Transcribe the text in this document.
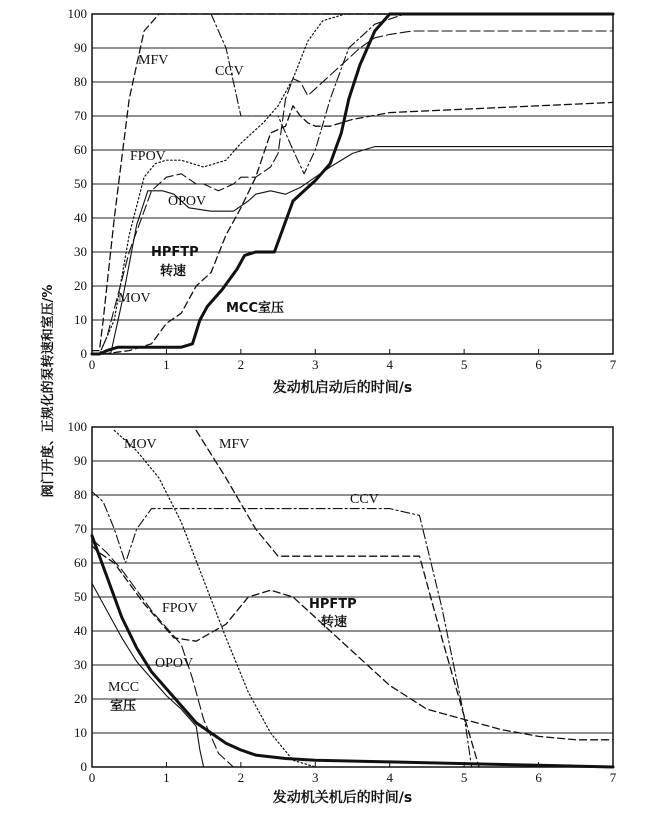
阀门开度、正规化的泵转速和室压/% 0
10
20
30
40
50
60
70
80
90
100
0	1	2	3	4	5	6	7
MFV
CCV
FPOV
OPOV
HPFTP
转速
MOV
MCC室压
发动机启动后的时间/s
0
10
20
30
40
50
60
70
80
90
100
0	1	2	3	4	5	6	7
MOV	MFV
CCV
FPOV	HPFTP
转速
OPOV
MCC
室压
发动机关机后的时间/s
